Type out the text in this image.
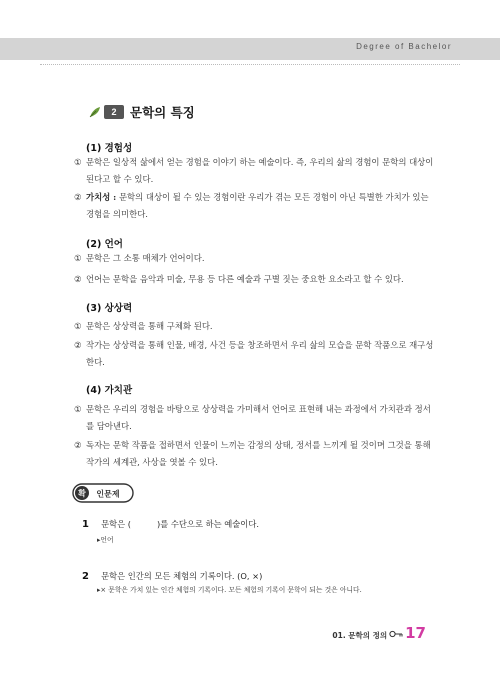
Degree of Bachelor
2	문학의 특징
(1) 경험성
① 문학은 일상적 삶에서 얻는 경험을 이야기 하는 예술이다. 즉, 우리의 삶의 경험이 문학의 대상이 된다고 할 수 있다.
② 가치성 : 문학의 대상이 될 수 있는 경험이란 우리가 겪는 모든 경험이 아닌 특별한 가치가 있는 경험을 의미한다.
(2) 언어
① 문학은 그 소통 매체가 언어이다.
② 언어는 문학을 음악과 미술, 무용 등 다른 예술과 구별 짓는 중요한 요소라고 할 수 있다.
(3) 상상력
① 문학은 상상력을 통해 구체화 된다.
② 작가는 상상력을 통해 인물, 배경, 사건 등을 창조하면서 우리 삶의 모습을 문학 작품으로 재구성한다.
(4) 가치관
① 문학은 우리의 경험을 바탕으로 상상력을 가미해서 언어로 표현해 내는 과정에서 가치관과 정서를 담아낸다.
② 독자는 문학 작품을 접하면서 인물이 느끼는 감정의 상태, 정서를 느끼게 될 것이며 그것을 통해 작가의 세계관, 사상을 엿볼 수 있다.
확 인문제
1 문학은 (	)를 수단으로 하는 예술이다.
▸언어
2 문학은 인간의 모든 체험의 기록이다. (O, ×)
▸× 문학은 가치 있는 인간 체험의 기록이다. 모든 체험의 기록이 문학이 되는 것은 아니다.
01. 문학의 정의 17
